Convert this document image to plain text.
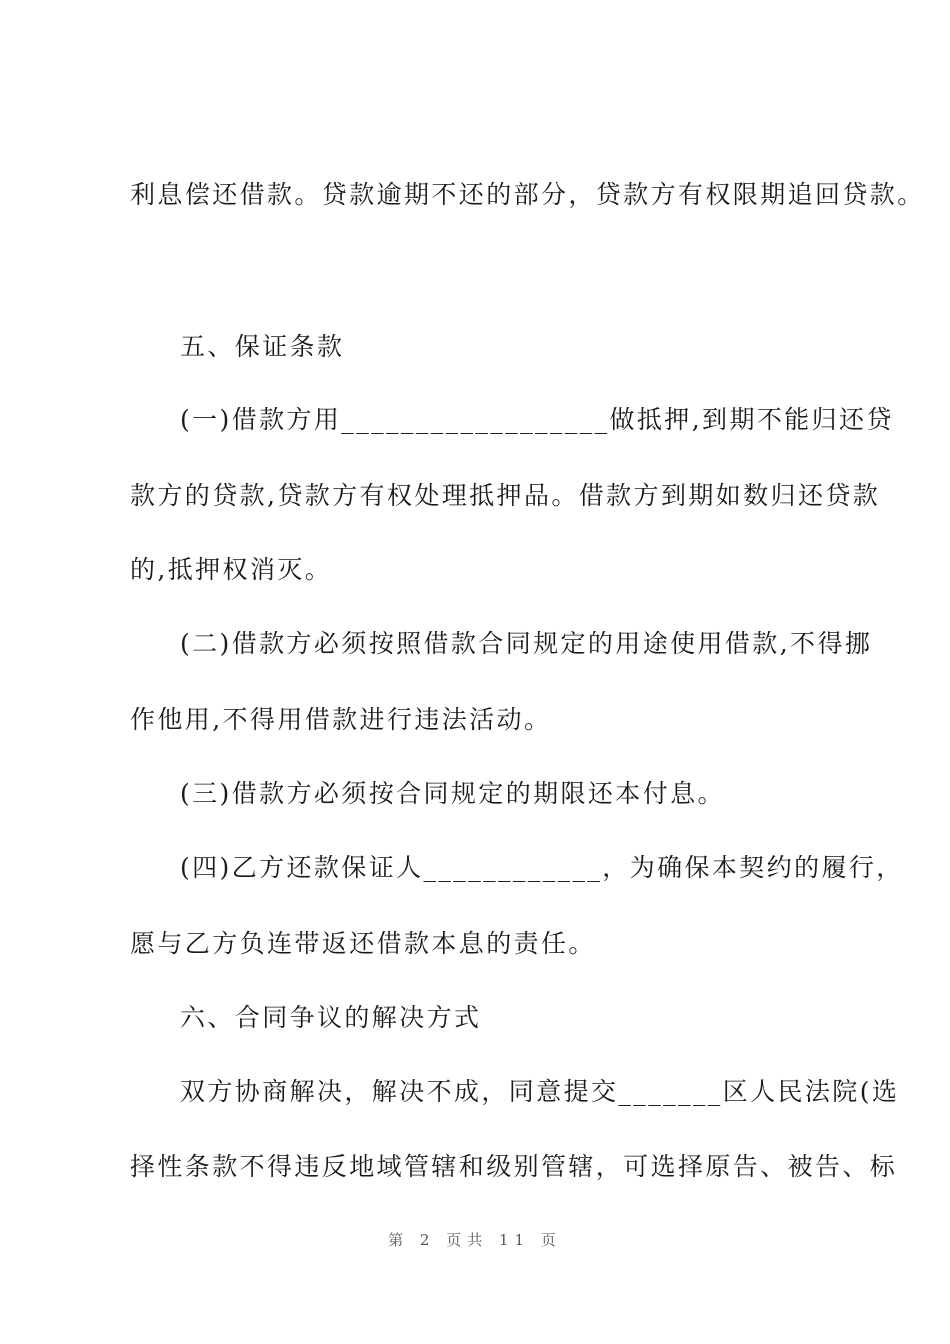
利息偿还借款。贷款逾期不还的部分，贷款方有权限期追回贷款。
五、保证条款
(一)借款方用__________________做抵押,到期不能归还贷
款方的贷款,贷款方有权处理抵押品。借款方到期如数归还贷款
的,抵押权消灭。
(二)借款方必须按照借款合同规定的用途使用借款,不得挪
作他用,不得用借款进行违法活动。
(三)借款方必须按合同规定的期限还本付息。
(四)乙方还款保证人____________，为确保本契约的履行，
愿与乙方负连带返还借款本息的责任。
六、合同争议的解决方式
双方协商解决，解决不成，同意提交_______区人民法院(选
择性条款不得违反地域管辖和级别管辖，可选择原告、被告、标
第 2 页共 11 页
